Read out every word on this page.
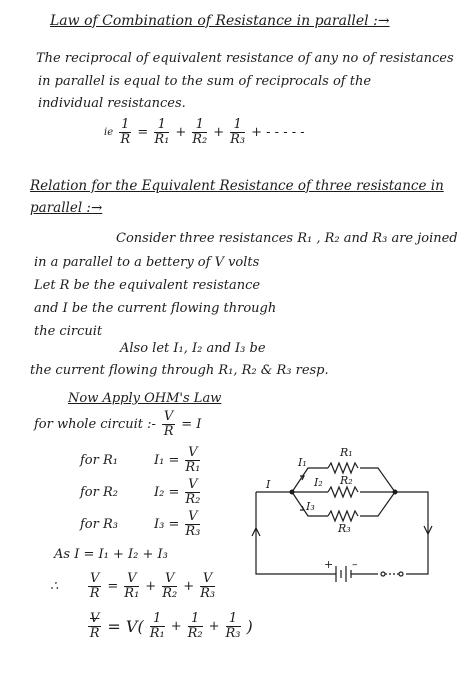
Law of Combination of Resistance in parallel :→
The reciprocal of equivalent resistance of any no of resistances
in parallel is equal to the sum of reciprocals of the
individual resistances.
ie $\frac{1}{R} = \frac{1}{\text{R₁}} + \frac{1}{\text{R₂}} + \frac{1}{\text{R₃}}$ + - - - - -
Relation for the Equivalent Resistance of three resistance in
parallel :→
Consider three resistances R₁ , R₂ and R₃ are joined
in a parallel to a bettery of V volts
Let R be the equivalent resistance
and I be the current flowing through
the circuit
Also let I₁, I₂ and I₃ be
the current flowing through R₁, R₂ & R₃ resp.
Now Apply OHM's Law
for whole circuit :- $\frac{V}{R} = I$
for R₁	$I_1 = \frac{V}{\text{R₁}}$
for R₂	$I_2 = \frac{V}{\text{R₂}}$
for R₃	$I_3 = \frac{V}{\text{R₃}}$
As I = I₁ + I₂ + I₃
∴	$\frac{V}{R} = \frac{V}{\text{R₁}} + \frac{V}{\text{R₂}} + \frac{V}{\text{R₃}}$
$\frac{V}{R} = V( \frac{1}{\text{R₁}} + \frac{1}{\text{R₂}} + \frac{1}{\text{R₃}}$ )
I
I₁
I₂
I₃
R₁
R₂
R₃
+ –
